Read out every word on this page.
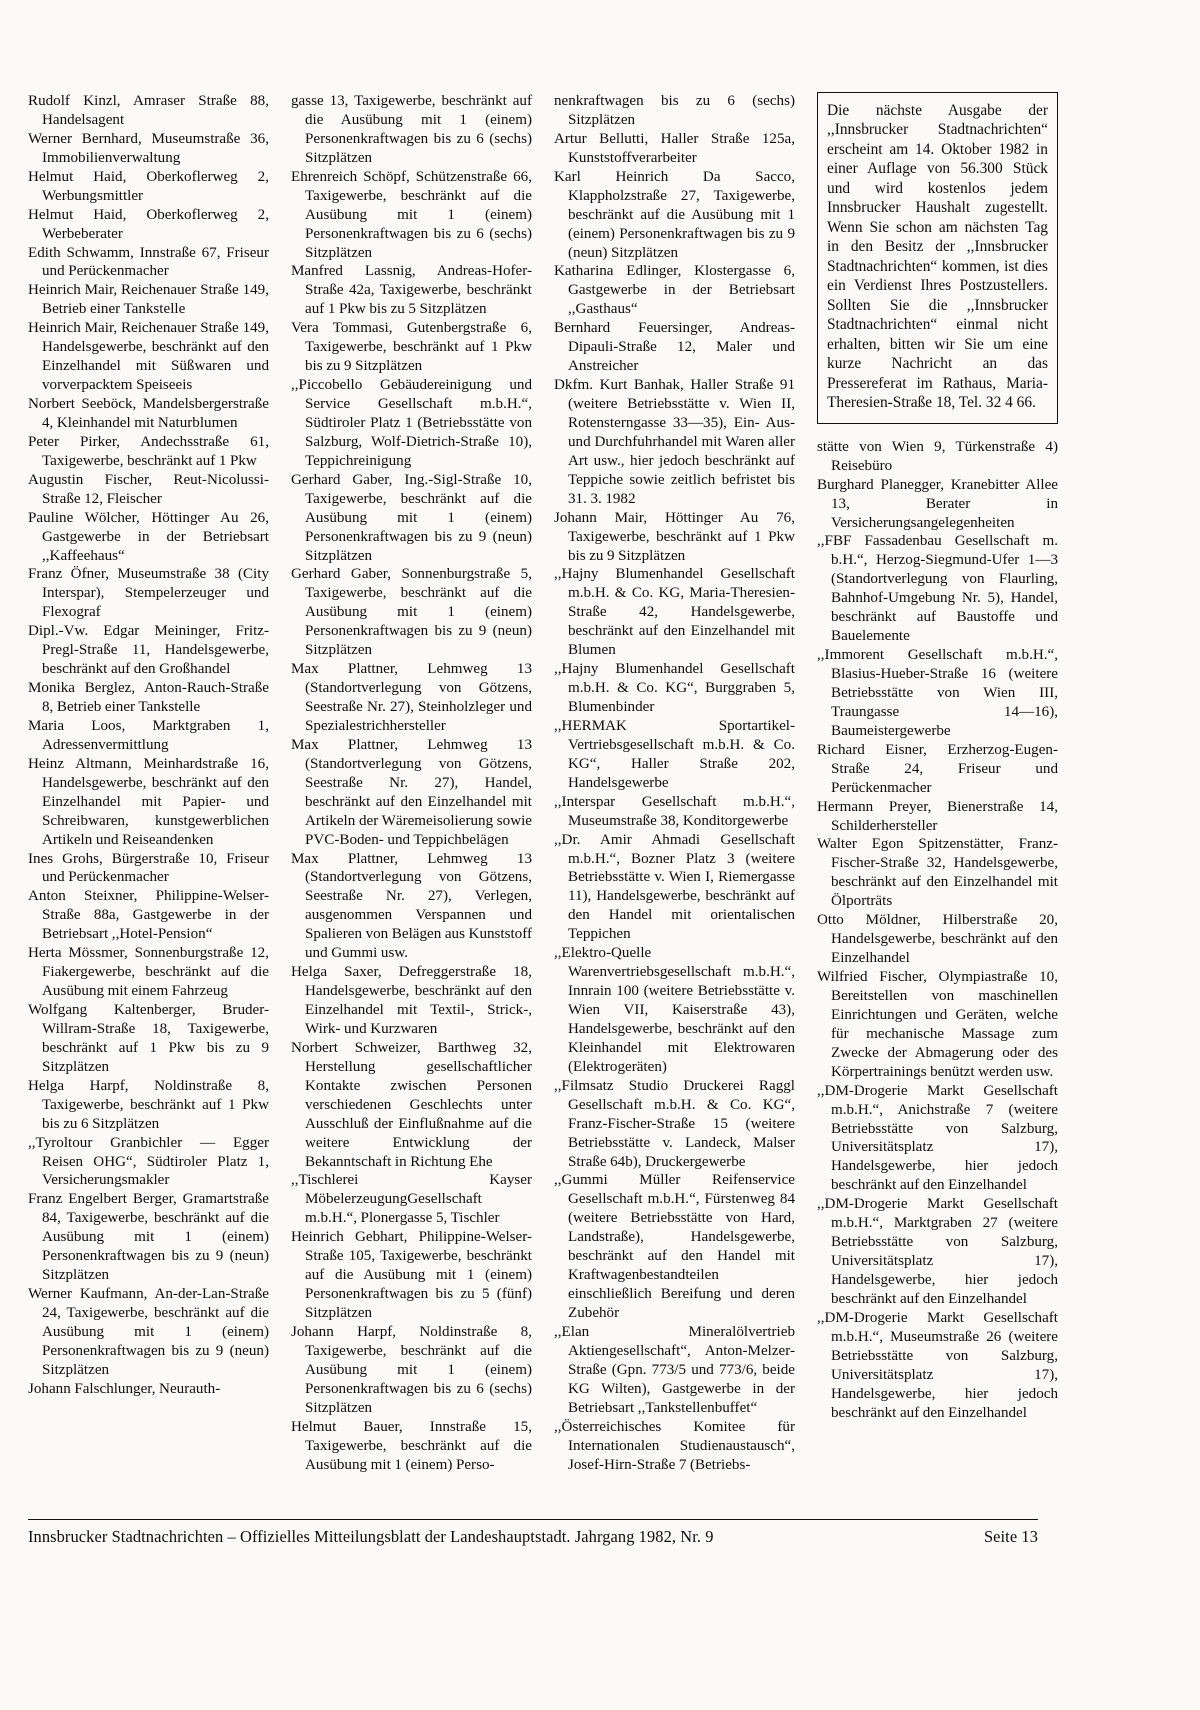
Rudolf Kinzl, Amraser Straße 88, Handelsagent

Werner Bernhard, Museumstraße 36, Immobilienverwaltung

Helmut Haid, Oberkoflerweg 2, Werbungsmittler

Helmut Haid, Oberkoflerweg 2, Werbeberater

Edith Schwamm, Innstraße 67, Friseur und Perückenmacher

Heinrich Mair, Reichenauer Straße 149, Betrieb einer Tankstelle

Heinrich Mair, Reichenauer Straße 149, Handelsgewerbe, beschränkt auf den Einzelhandel mit Süßwaren und vorverpacktem Speiseeis

Norbert Seeböck, Mandelsbergerstraße 4, Kleinhandel mit Naturblumen

Peter Pirker, Andechsstraße 61, Taxigewerbe, beschränkt auf 1 Pkw

Augustin Fischer, Reut-Nicolussi-Straße 12, Fleischer

Pauline Wölcher, Höttinger Au 26, Gastgewerbe in der Betriebsart ,,Kaffeehaus“

Franz Öfner, Museumstraße 38 (City Interspar), Stempelerzeuger und Flexograf

Dipl.-Vw. Edgar Meininger, Fritz-Pregl-Straße 11, Handelsgewerbe, beschränkt auf den Großhandel

Monika Berglez, Anton-Rauch-Straße 8, Betrieb einer Tankstelle

Maria Loos, Marktgraben 1, Adressenvermittlung

Heinz Altmann, Meinhardstraße 16, Handelsgewerbe, beschränkt auf den Einzelhandel mit Papier- und Schreibwaren, kunstgewerblichen Artikeln und Reiseandenken

Ines Grohs, Bürgerstraße 10, Friseur und Perückenmacher

Anton Steixner, Philippine-Welser-Straße 88a, Gastgewerbe in der Betriebsart ,,Hotel-Pension“

Herta Mössmer, Sonnenburgstraße 12, Fiakergewerbe, beschränkt auf die Ausübung mit einem Fahrzeug

Wolfgang Kaltenberger, Bruder-Willram-Straße 18, Taxigewerbe, beschränkt auf 1 Pkw bis zu 9 Sitzplätzen

Helga Harpf, Noldinstraße 8, Taxigewerbe, beschränkt auf 1 Pkw bis zu 6 Sitzplätzen

,,Tyroltour Granbichler — Egger Reisen OHG“, Südtiroler Platz 1, Versicherungsmakler

Franz Engelbert Berger, Gramartstraße 84, Taxigewerbe, beschränkt auf die Ausübung mit 1 (einem) Personenkraftwagen bis zu 9 (neun) Sitzplätzen

Werner Kaufmann, An-der-Lan-Straße 24, Taxigewerbe, beschränkt auf die Ausübung mit 1 (einem) Personenkraftwagen bis zu 9 (neun) Sitzplätzen

Johann Falschlunger, Neurauth-

gasse 13, Taxigewerbe, beschränkt auf die Ausübung mit 1 (einem) Personenkraftwagen bis zu 6 (sechs) Sitzplätzen

Ehrenreich Schöpf, Schützenstraße 66, Taxigewerbe, beschränkt auf die Ausübung mit 1 (einem) Personenkraftwagen bis zu 6 (sechs) Sitzplätzen

Manfred Lassnig, Andreas-Hofer-Straße 42a, Taxigewerbe, beschränkt auf 1 Pkw bis zu 5 Sitzplätzen

Vera Tommasi, Gutenbergstraße 6, Taxigewerbe, beschränkt auf 1 Pkw bis zu 9 Sitzplätzen

,,Piccobello Gebäudereinigung und Service Gesellschaft m.b.H.“, Südtiroler Platz 1 (Betriebsstätte von Salzburg, Wolf-Dietrich-Straße 10), Teppichreinigung

Gerhard Gaber, Ing.-Sigl-Straße 10, Taxigewerbe, beschränkt auf die Ausübung mit 1 (einem) Personenkraftwagen bis zu 9 (neun) Sitzplätzen

Gerhard Gaber, Sonnenburgstraße 5, Taxigewerbe, beschränkt auf die Ausübung mit 1 (einem) Personenkraftwagen bis zu 9 (neun) Sitzplätzen

Max Plattner, Lehmweg 13 (Standortverlegung von Götzens, Seestraße Nr. 27), Steinholzleger und Spezialestrichhersteller

Max Plattner, Lehmweg 13 (Standortverlegung von Götzens, Seestraße Nr. 27), Handel, beschränkt auf den Einzelhandel mit Artikeln der Wäremeisolierung sowie PVC-Boden- und Teppichbelägen

Max Plattner, Lehmweg 13 (Standortverlegung von Götzens, Seestraße Nr. 27), Verlegen, ausgenommen Verspannen und Spalieren von Belägen aus Kunststoff und Gummi usw.

Helga Saxer, Defreggerstraße 18, Handelsgewerbe, beschränkt auf den Einzelhandel mit Textil-, Strick-, Wirk- und Kurzwaren

Norbert Schweizer, Barthweg 32, Herstellung gesellschaftlicher Kontakte zwischen Personen verschiedenen Geschlechts unter Ausschluß der Einflußnahme auf die weitere Entwicklung der Bekanntschaft in Richtung Ehe

,,Tischlerei Kayser MöbelerzeugungGesellschaft m.b.H.“, Plonergasse 5, Tischler

Heinrich Gebhart, Philippine-Welser-Straße 105, Taxigewerbe, beschränkt auf die Ausübung mit 1 (einem) Personenkraftwagen bis zu 5 (fünf) Sitzplätzen

Johann Harpf, Noldinstraße 8, Taxigewerbe, beschränkt auf die Ausübung mit 1 (einem) Personenkraftwagen bis zu 6 (sechs) Sitzplätzen

Helmut Bauer, Innstraße 15, Taxigewerbe, beschränkt auf die Ausübung mit 1 (einem) Perso-

nenkraftwagen bis zu 6 (sechs) Sitzplätzen

Artur Bellutti, Haller Straße 125a, Kunststoffverarbeiter

Karl Heinrich Da Sacco, Klappholzstraße 27, Taxigewerbe, beschränkt auf die Ausübung mit 1 (einem) Personenkraftwagen bis zu 9 (neun) Sitzplätzen

Katharina Edlinger, Klostergasse 6, Gastgewerbe in der Betriebsart ,,Gasthaus“

Bernhard Feuersinger, Andreas-Dipauli-Straße 12, Maler und Anstreicher

Dkfm. Kurt Banhak, Haller Straße 91 (weitere Betriebsstätte v. Wien II, Rotensterngasse 33—35), Ein- Aus- und Durchfuhrhandel mit Waren aller Art usw., hier jedoch beschränkt auf Teppiche sowie zeitlich befristet bis 31. 3. 1982

Johann Mair, Höttinger Au 76, Taxigewerbe, beschränkt auf 1 Pkw bis zu 9 Sitzplätzen

,,Hajny Blumenhandel Gesellschaft m.b.H. & Co. KG, Maria-Theresien-Straße 42, Handelsgewerbe, beschränkt auf den Einzelhandel mit Blumen

,,Hajny Blumenhandel Gesellschaft m.b.H. & Co. KG“, Burggraben 5, Blumenbinder

,,HERMAK Sportartikel-Vertriebsgesellschaft m.b.H. & Co. KG“, Haller Straße 202, Handelsgewerbe

,,Interspar Gesellschaft m.b.H.“, Museumstraße 38, Konditorgewerbe

,,Dr. Amir Ahmadi Gesellschaft m.b.H.“, Bozner Platz 3 (weitere Betriebsstätte v. Wien I, Riemergasse 11), Handelsgewerbe, beschränkt auf den Handel mit orientalischen Teppichen

,,Elektro-Quelle Warenvertriebsgesellschaft m.b.H.“, Innrain 100 (weitere Betriebsstätte v. Wien VII, Kaiserstraße 43), Handelsgewerbe, beschränkt auf den Kleinhandel mit Elektrowaren (Elektrogeräten)

,,Filmsatz Studio Druckerei Raggl Gesellschaft m.b.H. & Co. KG“, Franz-Fischer-Straße 15 (weitere Betriebsstätte v. Landeck, Malser Straße 64b), Druckergewerbe

,,Gummi Müller Reifenservice Gesellschaft m.b.H.“, Fürstenweg 84 (weitere Betriebsstätte von Hard, Landstraße), Handelsgewerbe, beschränkt auf den Handel mit Kraftwagenbestandteilen einschließlich Bereifung und deren Zubehör

,,Elan Mineralölvertrieb Aktiengesellschaft“, Anton-Melzer-Straße (Gpn. 773/5 und 773/6, beide KG Wilten), Gastgewerbe in der Betriebsart ,,Tankstellenbuffet“

,,Österreichisches Komitee für Internationalen Studienaustausch“, Josef-Hirn-Straße 7 (Betriebs-

Die nächste Ausgabe der ,,Innsbrucker Stadtnachrichten“ erscheint am 14. Oktober 1982 in einer Auflage von 56.300 Stück und wird kostenlos jedem Innsbrucker Haushalt zugestellt. Wenn Sie schon am nächsten Tag in den Besitz der ,,Innsbrucker Stadtnachrichten“ kommen, ist dies ein Verdienst Ihres Postzustellers. Sollten Sie die ,,Innsbrucker Stadtnachrichten“ einmal nicht erhalten, bitten wir Sie um eine kurze Nachricht an das Pressereferat im Rathaus, Maria-Theresien-Straße 18, Tel. 32 4 66.

stätte von Wien 9, Türkenstraße 4) Reisebüro

Burghard Planegger, Kranebitter Allee 13, Berater in Versicherungsangelegenheiten

,,FBF Fassadenbau Gesellschaft m. b.H.“, Herzog-Siegmund-Ufer 1—3 (Standortverlegung von Flaurling, Bahnhof-Umgebung Nr. 5), Handel, beschränkt auf Baustoffe und Bauelemente

,,Immorent Gesellschaft m.b.H.“, Blasius-Hueber-Straße 16 (weitere Betriebsstätte von Wien III, Traungasse 14—16), Baumeistergewerbe

Richard Eisner, Erzherzog-Eugen-Straße 24, Friseur und Perückenmacher

Hermann Preyer, Bienerstraße 14, Schilderhersteller

Walter Egon Spitzenstätter, Franz-Fischer-Straße 32, Handelsgewerbe, beschränkt auf den Einzelhandel mit Ölporträts

Otto Möldner, Hilberstraße 20, Handelsgewerbe, beschränkt auf den Einzelhandel

Wilfried Fischer, Olympiastraße 10, Bereitstellen von maschinellen Einrichtungen und Geräten, welche für mechanische Massage zum Zwecke der Abmagerung oder des Körpertrainings benützt werden usw.

,,DM-Drogerie Markt Gesellschaft m.b.H.“, Anichstraße 7 (weitere Betriebsstätte von Salzburg, Universitätsplatz 17), Handelsgewerbe, hier jedoch beschränkt auf den Einzelhandel

,,DM-Drogerie Markt Gesellschaft m.b.H.“, Marktgraben 27 (weitere Betriebsstätte von Salzburg, Universitätsplatz 17), Handelsgewerbe, hier jedoch beschränkt auf den Einzelhandel

,,DM-Drogerie Markt Gesellschaft m.b.H.“, Museumstraße 26 (weitere Betriebsstätte von Salzburg, Universitätsplatz 17), Handelsgewerbe, hier jedoch beschränkt auf den Einzelhandel

Innsbrucker Stadtnachrichten – Offizielles Mitteilungsblatt der Landeshauptstadt. Jahrgang 1982, Nr. 9	Seite 13
